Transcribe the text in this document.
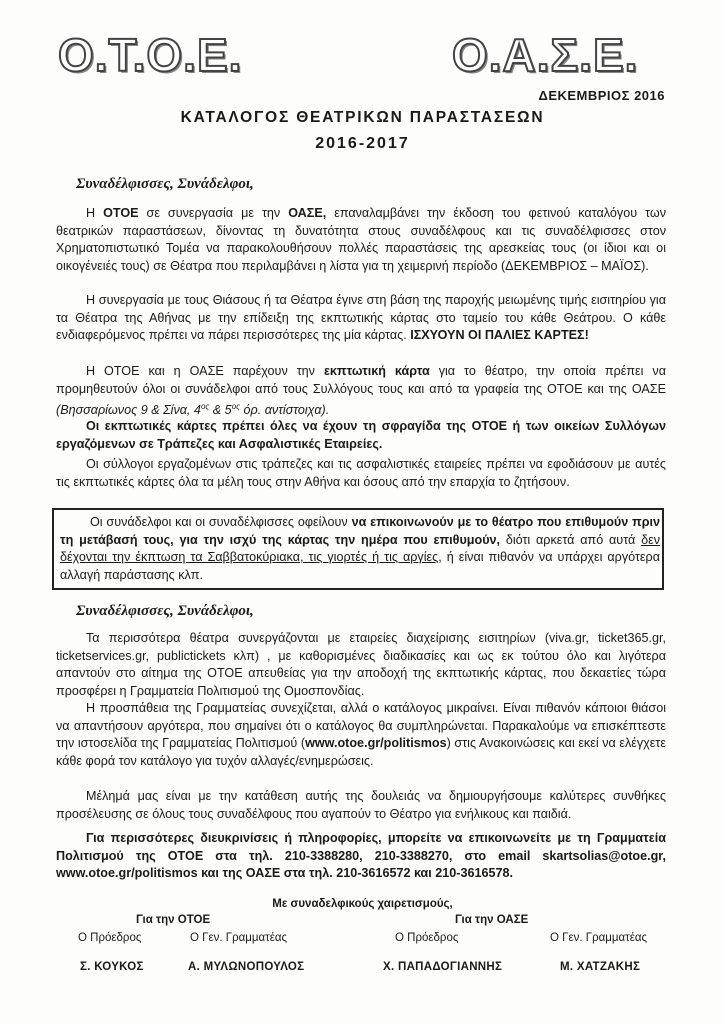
Ο.Τ.Ο.Ε.	Ο.Α.Σ.Ε.
ΔΕΚΕΜΒΡΙΟΣ 2016
ΚΑΤΑΛΟΓΟΣ ΘΕΑΤΡΙΚΩΝ ΠΑΡΑΣΤΑΣΕΩΝ
2016-2017
Συναδέλφισσες, Συνάδελφοι,

Η ΟΤΟΕ σε συνεργασία με την ΟΑΣΕ, επαναλαμβάνει την έκδοση του φετινού καταλόγου των θεατρικών παραστάσεων, δίνοντας τη δυνατότητα στους συναδέλφους και τις συναδέλφισσες στον Χρηματοπιστωτικό Τομέα να παρακολουθήσουν πολλές παραστάσεις της αρεσκείας τους (οι ίδιοι και οι οικογένειές τους) σε Θέατρα που περιλαμβάνει η λίστα για τη χειμερινή περίοδο (ΔΕΚΕΜΒΡΙΟΣ – ΜΑΪΟΣ).

Η συνεργασία με τους Θιάσους ή τα Θέατρα έγινε στη βάση της παροχής μειωμένης τιμής εισιτηρίου για τα Θέατρα της Αθήνας με την επίδειξη της εκπτωτικής κάρτας στο ταμείο του κάθε Θεάτρου. Ο κάθε ενδιαφερόμενος πρέπει να πάρει περισσότερες της μία κάρτας. ΙΣΧΥΟΥΝ ΟΙ ΠΑΛΙΕΣ ΚΑΡΤΕΣ!

Η ΟΤΟΕ και η ΟΑΣΕ παρέχουν την εκπτωτική κάρτα για το θέατρο, την οποία πρέπει να προμηθευτούν όλοι οι συνάδελφοι από τους Συλλόγους τους και από τα γραφεία της ΟΤΟΕ και της ΟΑΣΕ (Βησσαρίωνος 9 & Σίνα, $4^{o\varsigma}$ & $5^{o\varsigma}$ όρ. αντίστοιχα).

Οι εκπτωτικές κάρτες πρέπει όλες να έχουν τη σφραγίδα της ΟΤΟΕ ή των οικείων Συλλόγων εργαζόμενων σε Τράπεζες και Ασφαλιστικές Εταιρείες.

Οι σύλλογοι εργαζομένων στις τράπεζες και τις ασφαλιστικές εταιρείες πρέπει να εφοδιάσουν με αυτές τις εκπτωτικές κάρτες όλα τα μέλη τους στην Αθήνα και όσους από την επαρχία το ζητήσουν.

Οι συνάδελφοι και οι συναδέλφισσες οφείλουν να επικοινωνούν με το θέατρο που επιθυμούν πριν τη μετάβασή τους, για την ισχύ της κάρτας την ημέρα που επιθυμούν, διότι αρκετά από αυτά δεν δέχονται την έκπτωση τα Σαββατοκύριακα, τις γιορτές ή τις αργίες, ή είναι πιθανόν να υπάρχει αργότερα αλλαγή παράστασης κλπ.

Συναδέλφισσες, Συνάδελφοι,

Τα περισσότερα θέατρα συνεργάζονται με εταιρείες διαχείρισης εισιτηρίων (viva.gr, ticket365.gr, ticketservices.gr, publictickets κλπ) , με καθορισμένες διαδικασίες και ως εκ τούτου όλο και λιγότερα απαντούν στο αίτημα της ΟΤΟΕ απευθείας για την αποδοχή της εκπτωτικής κάρτας, που δεκαετίες τώρα προσφέρει η Γραμματεία Πολιτισμού της Ομοσπονδίας.

Η προσπάθεια της Γραμματείας συνεχίζεται, αλλά ο κατάλογος μικραίνει. Είναι πιθανόν κάποιοι θιάσοι να απαντήσουν αργότερα, που σημαίνει ότι ο κατάλογος θα συμπληρώνεται. Παρακαλούμε να επισκέπτεστε την ιστοσελίδα της Γραμματείας Πολιτισμού (www.otoe.gr/politismos) στις Ανακοινώσεις και εκεί να ελέγχετε κάθε φορά τον κατάλογο για τυχόν αλλαγές/ενημερώσεις.

Μέλημά μας είναι με την κατάθεση αυτής της δουλειάς να δημιουργήσουμε καλύτερες συνθήκες προσέλευσης σε όλους τους συναδέλφους που αγαπούν το Θέατρο για ενήλικους και παιδιά.

Για περισσότερες διευκρινίσεις ή πληροφορίες, μπορείτε να επικοινωνείτε με τη Γραμματεία Πολιτισμού της ΟΤΟΕ στα τηλ. 210-3388280, 210-3388270, στο email skartsolias@otoe.gr, www.otoe.gr/politismos και της ΟΑΣΕ στα τηλ. 210-3616572 και 210-3616578.

Με συναδελφικούς χαιρετισμούς,
Για την ΟΤΟΕ	Για την ΟΑΣΕ
Ο Πρόεδρος	Ο Γεν. Γραμματέας	Ο Πρόεδρος	Ο Γεν. Γραμματέας
Σ. ΚΟΥΚΟΣ	Α. ΜΥΛΩΝΟΠΟΥΛΟΣ	Χ. ΠΑΠΑΔΟΓΙΑΝΝΗΣ	Μ. ΧΑΤΖΑΚΗΣ
